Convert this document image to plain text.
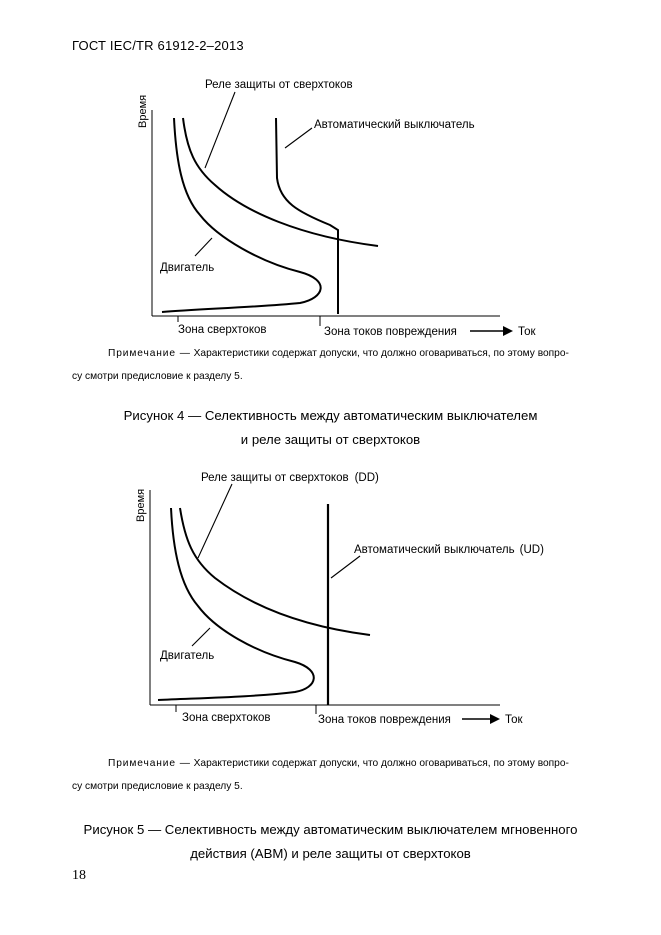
ГОСТ IEC/TR 61912-2–2013
Реле защиты от сверхтоков
Автоматический выключатель
Двигатель
Время
Зона сверхтоков	Зона токов повреждения	Ток
Примечание — Характеристики содержат допуски, что должно оговариваться, по этому вопро-
су смотри предисловие к разделу 5.
Рисунок 4 — Селективность между автоматическим выключателем
и реле защиты от сверхтоков
Реле защиты от сверхтоков (DD)
Автоматический выключатель (UD)
Двигатель
Время
Зона сверхтоков	Зона токов повреждения	Ток
Примечание — Характеристики содержат допуски, что должно оговариваться, по этому вопро-
су смотри предисловие к разделу 5.
Рисунок 5 — Селективность между автоматическим выключателем мгновенного
действия (АВМ) и реле защиты от сверхтоков
18
